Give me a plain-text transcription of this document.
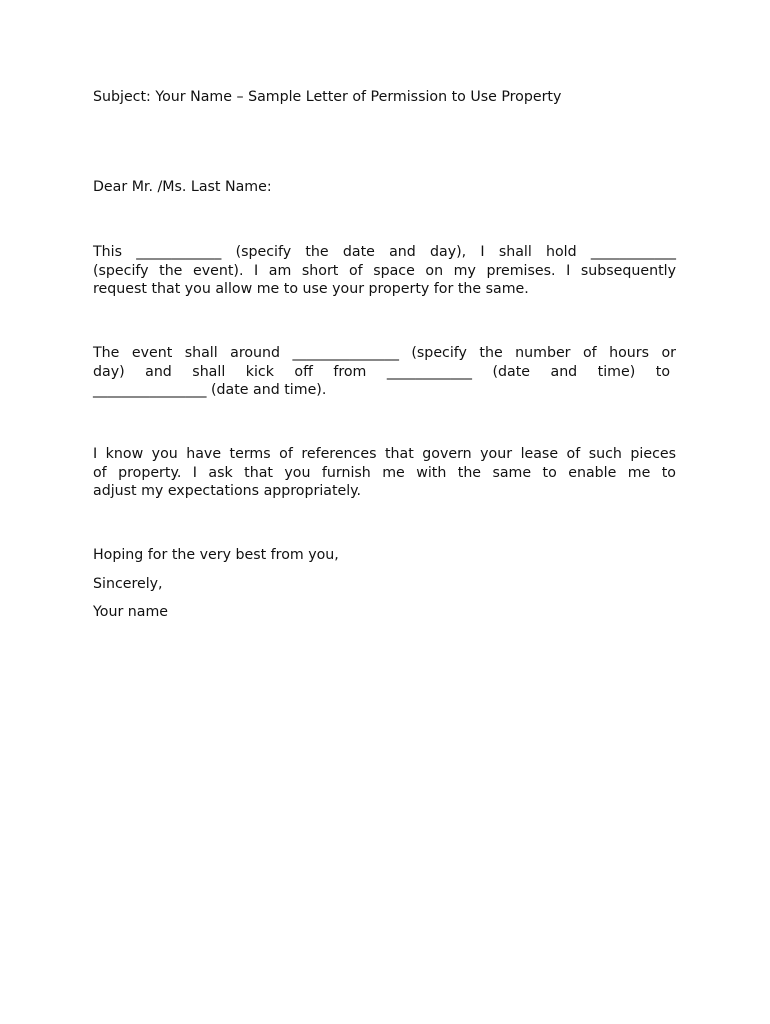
Subject: Your Name – Sample Letter of Permission to Use Property
Dear Mr. /Ms. Last Name:
This ____________ (specify the date and day), I shall hold ____________
(specify the event). I am short of space on my premises. I subsequently
request that you allow me to use your property for the same.
The event shall around _______________ (specify the number of hours or
day) and shall kick off from ____________ (date and time) to
________________ (date and time).
I know you have terms of references that govern your lease of such pieces
of property. I ask that you furnish me with the same to enable me to
adjust my expectations appropriately.
Hoping for the very best from you,
Sincerely,
Your name
